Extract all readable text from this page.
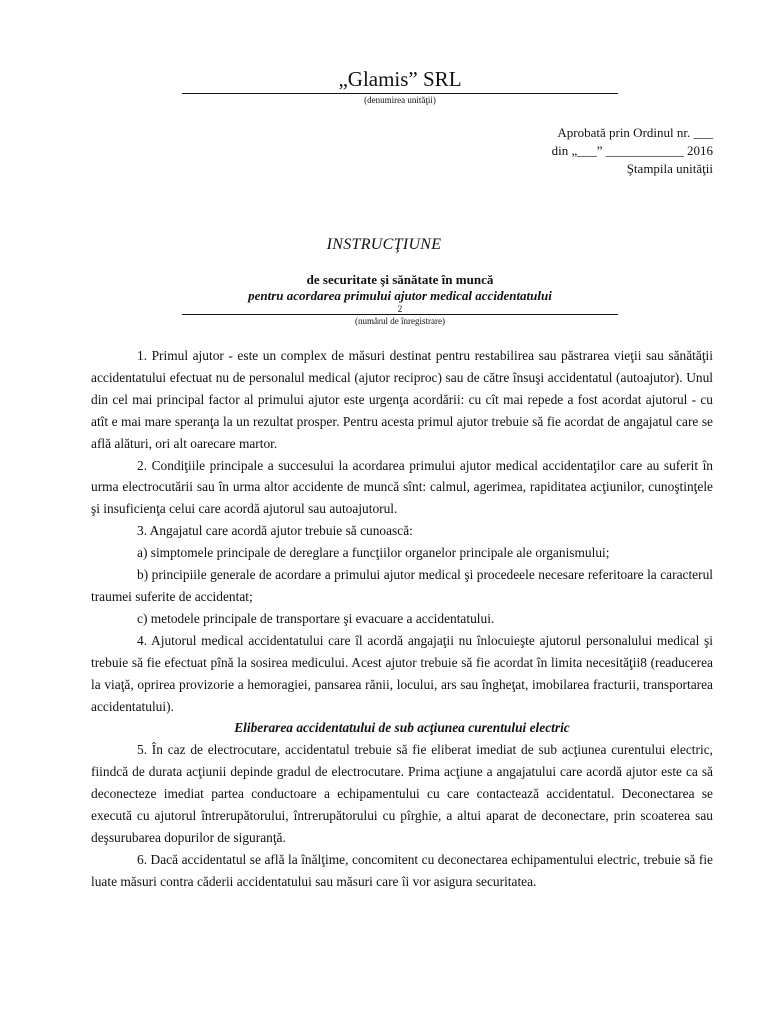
„Glamis” SRL
(denumirea unităţii)
Aprobată prin Ordinul nr. ___
din „___” ____________ 2016
Ştampila unităţii
INSTRUCŢIUNE
de securitate şi sănătate în muncă
pentru acordarea primului ajutor medical accidentatului
2
(numărul de înregistrare)

1. Primul ajutor - este un complex de măsuri destinat pentru restabilirea sau păstrarea vieţii sau sănătăţii accidentatului efectuat nu de personalul medical (ajutor reciproc) sau de către însuşi accidentatul (autoajutor). Unul din cel mai principal factor al primului ajutor este urgenţa acordării: cu cît mai repede a fost acordat ajutorul - cu atît e mai mare speranţa la un rezultat prosper. Pentru acesta primul ajutor trebuie să fie acordat de angajatul care se află alături, ori alt oarecare martor.

2. Condiţiile principale a succesului la acordarea primului ajutor medical accidentaţilor care au suferit în urma electrocutării sau în urma altor accidente de muncă sînt: calmul, agerimea, rapiditatea acţiunilor, cunoştinţele şi insuficienţa celui care acordă ajutorul sau autoajutorul.

3. Angajatul care acordă ajutor trebuie să cunoască:

a) simptomele principale de dereglare a funcţiilor organelor principale ale organismului;

b) principiile generale de acordare a primului ajutor medical şi procedeele necesare referitoare la caracterul traumei suferite de accidentat;

c) metodele principale de transportare şi evacuare a accidentatului.

4. Ajutorul medical accidentatului care îl acordă angajaţii nu înlocuieşte ajutorul personalului medical şi trebuie să fie efectuat pînă la sosirea medicului. Acest ajutor trebuie să fie acordat în limita necesităţii8 (readucerea la viaţă, oprirea provizorie a hemoragiei, pansarea rănii, locului, ars sau îngheţat, imobilarea fracturii, transportarea accidentatului).

Eliberarea accidentatului de sub acţiunea curentului electric

5. În caz de electrocutare, accidentatul trebuie să fie eliberat imediat de sub acţiunea curentului electric, fiindcă de durata acţiunii depinde gradul de electrocutare. Prima acţiune a angajatului care acordă ajutor este ca să deconecteze imediat partea conductoare a echipamentului cu care contactează accidentatul. Deconectarea se execută cu ajutorul întrerupătorului, întrerupătorului cu pîrghie, a altui aparat de deconectare, prin scoaterea sau deşsurubarea dopurilor de siguranţă.

6. Dacă accidentatul se află la înălţime, concomitent cu deconectarea echipamentului electric, trebuie să fie luate măsuri contra căderii accidentatului sau măsuri care îi vor asigura securitatea.
